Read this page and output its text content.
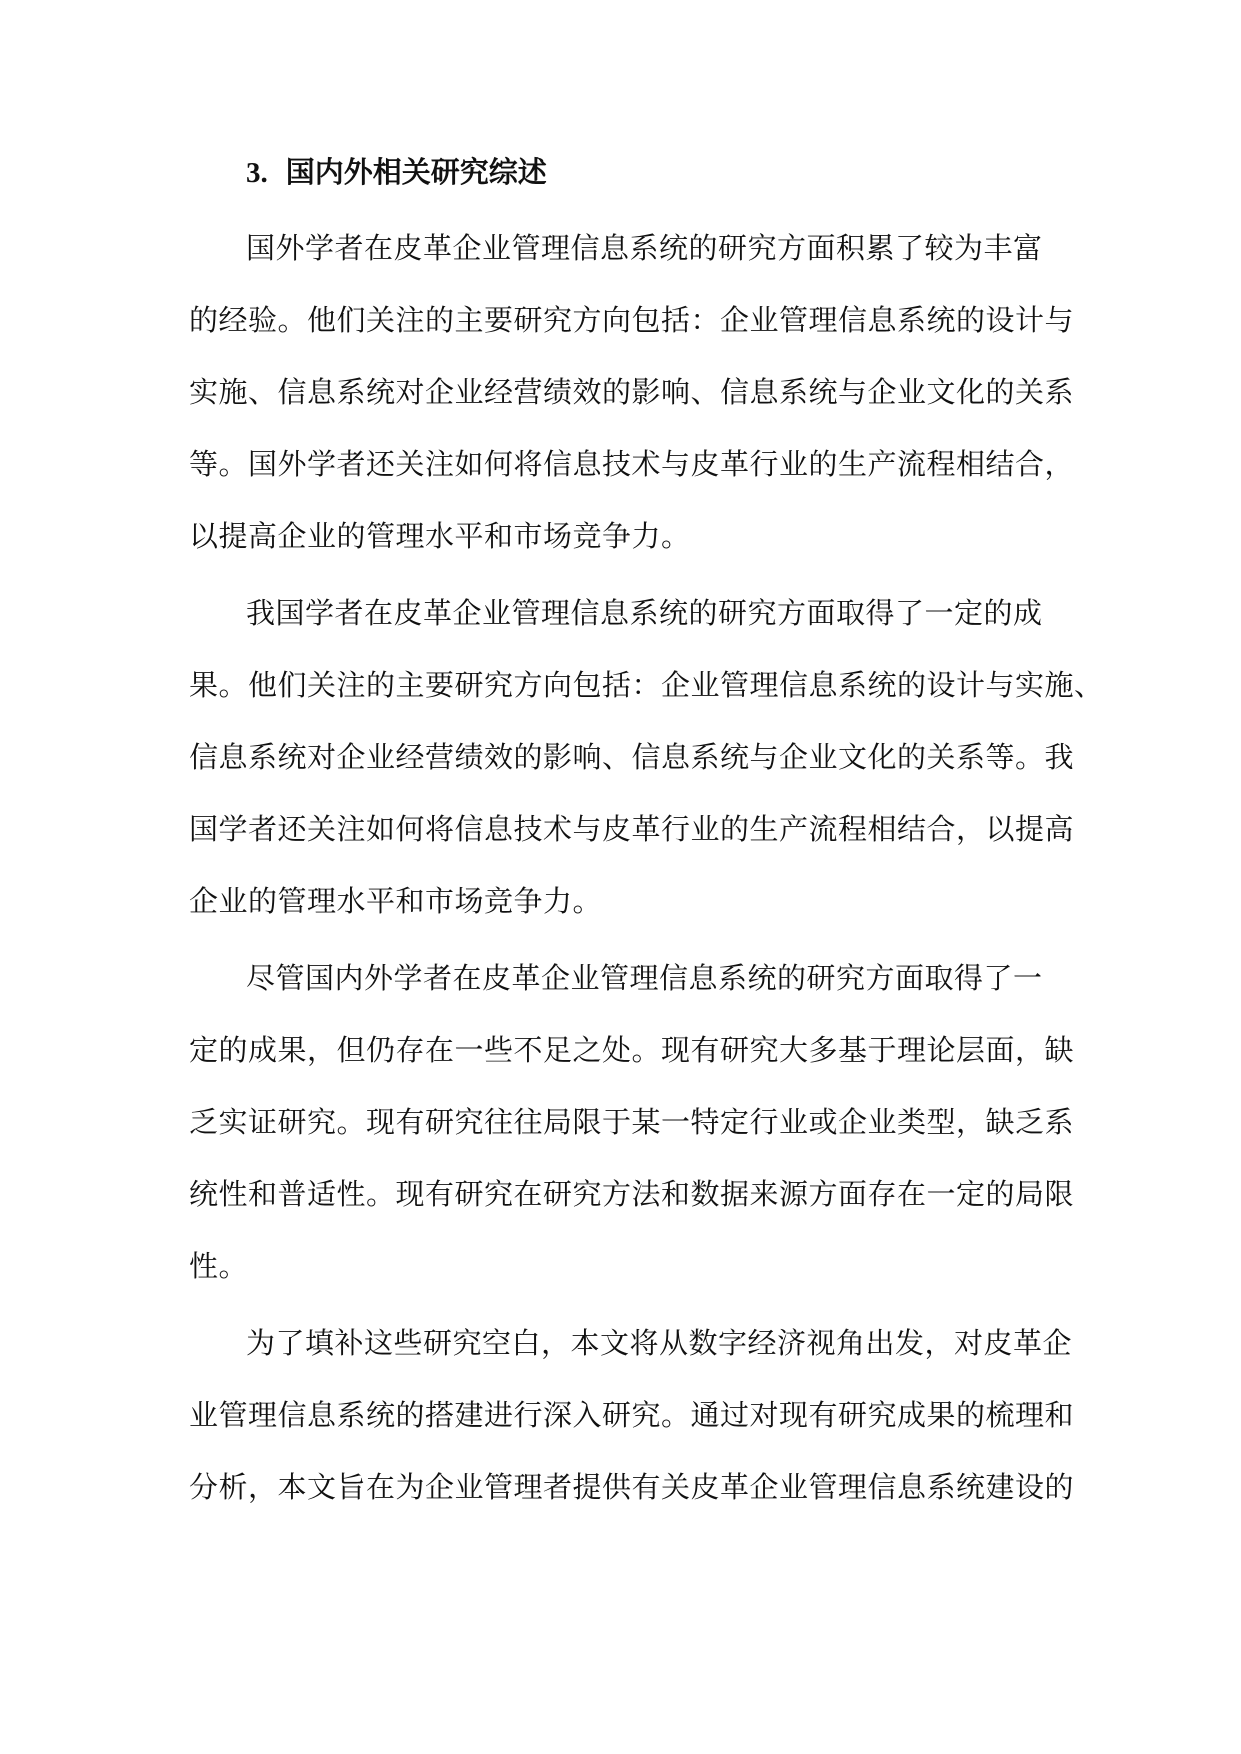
3. 国内外相关研究综述
国外学者在皮革企业管理信息系统的研究方面积累了较为丰富
的经验。他们关注的主要研究方向包括：企业管理信息系统的设计与
实施、信息系统对企业经营绩效的影响、信息系统与企业文化的关系
等。国外学者还关注如何将信息技术与皮革行业的生产流程相结合，
以提高企业的管理水平和市场竞争力。
我国学者在皮革企业管理信息系统的研究方面取得了一定的成
果。他们关注的主要研究方向包括：企业管理信息系统的设计与实施、
信息系统对企业经营绩效的影响、信息系统与企业文化的关系等。我
国学者还关注如何将信息技术与皮革行业的生产流程相结合，以提高
企业的管理水平和市场竞争力。
尽管国内外学者在皮革企业管理信息系统的研究方面取得了一
定的成果，但仍存在一些不足之处。现有研究大多基于理论层面，缺
乏实证研究。现有研究往往局限于某一特定行业或企业类型，缺乏系
统性和普适性。现有研究在研究方法和数据来源方面存在一定的局限
性。
为了填补这些研究空白，本文将从数字经济视角出发，对皮革企
业管理信息系统的搭建进行深入研究。通过对现有研究成果的梳理和
分析，本文旨在为企业管理者提供有关皮革企业管理信息系统建设的
